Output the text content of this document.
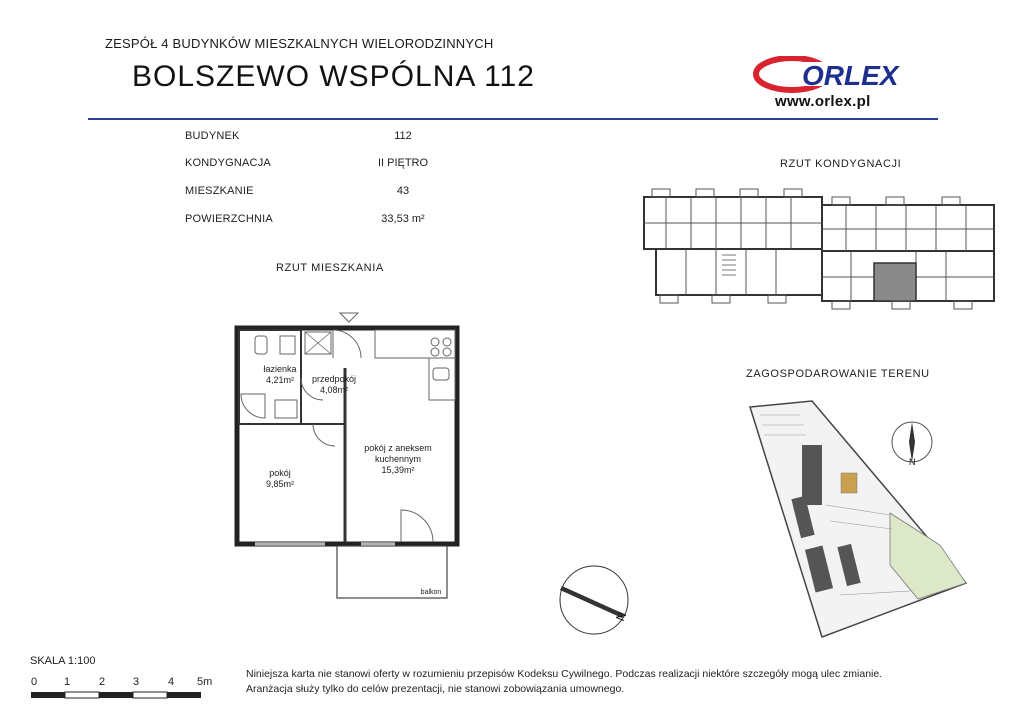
ZESPÓŁ 4 BUDYNKÓW MIESZKALNYCH WIELORODZINNYCH
BOLSZEWO WSPÓLNA 112	ORLEX
www.orlex.pl
BUDYNEK	112
KONDYGNACJA	II PIĘTRO
MIESZKANIE	43
POWIERZCHNIA	33,53 m²
RZUT MIESZKANIA
RZUT KONDYGNACJI
ZAGOSPODAROWANIE TERENU
łazienka
4,21m²	przedpokój
4,08m²
pokój z aneksem kuchennym
15,39m²
pokój
9,85m²
balkon
N
N
SKALA 1:100
0 1	2	3	4 5m
Niniejsza karta nie stanowi oferty w rozumieniu przepisów Kodeksu Cywilnego. Podczas realizacji niektóre szczegóły mogą ulec zmianie.
Aranżacja służy tylko do celów prezentacji, nie stanowi zobowiązania umownego.
